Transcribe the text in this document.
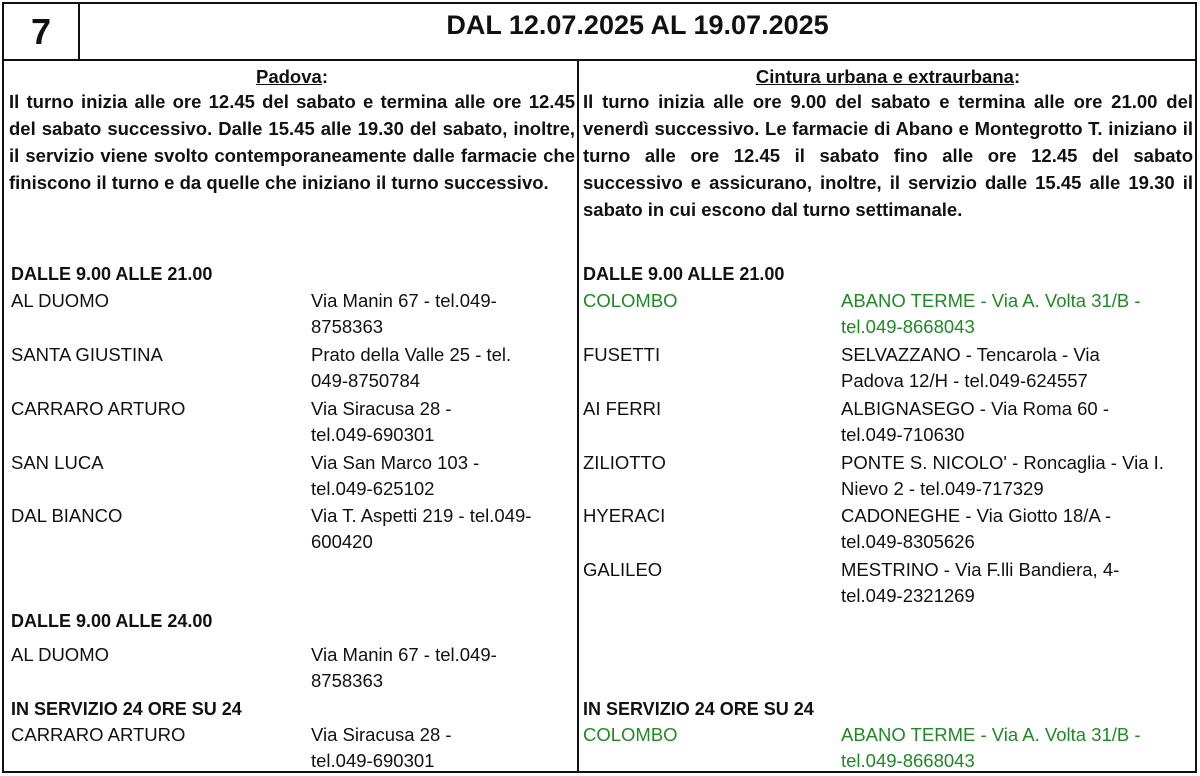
7	DAL 12.07.2025 AL 19.07.2025
Padova:

Il turno inizia alle ore 12.45 del sabato e termina alle ore 12.45 del sabato successivo. Dalle 15.45 alle 19.30 del sabato, inoltre, il servizio viene svolto contemporaneamente dalle farmacie che finiscono il turno e da quelle che iniziano il turno successivo.

DALLE 9.00 ALLE 21.00
AL DUOMO	Via Manin 67 - tel.049-8758363
SANTA GIUSTINA	Prato della Valle 25 - tel. 049-8750784
CARRARO ARTURO	Via Siracusa 28 - tel.049-690301
SAN LUCA	Via San Marco 103 - tel.049-625102
DAL BIANCO	Via T. Aspetti 219 - tel.049-600420
DALLE 9.00 ALLE 24.00
AL DUOMO	Via Manin 67 - tel.049-8758363
IN SERVIZIO 24 ORE SU 24
CARRARO ARTURO	Via Siracusa 28 - tel.049-690301
Cintura urbana e extraurbana:

Il turno inizia alle ore 9.00 del sabato e termina alle ore 21.00 del venerdì successivo. Le farmacie di Abano e Montegrotto T. iniziano il turno alle ore 12.45 il sabato fino alle ore 12.45 del sabato successivo e assicurano, inoltre, il servizio dalle 15.45 alle 19.30 il sabato in cui escono dal turno settimanale.

DALLE 9.00 ALLE 21.00
COLOMBO	ABANO TERME - Via A. Volta 31/B - tel.049-8668043
FUSETTI	SELVAZZANO - Tencarola - Via Padova 12/H - tel.049-624557
AI FERRI	ALBIGNASEGO - Via Roma 60 - tel.049-710630
ZILIOTTO	PONTE S. NICOLO' - Roncaglia - Via I. Nievo 2 - tel.049-717329
HYERACI	CADONEGHE - Via Giotto 18/A - tel.049-8305626
GALILEO	MESTRINO - Via F.lli Bandiera, 4-tel.049-2321269
IN SERVIZIO 24 ORE SU 24
COLOMBO	ABANO TERME - Via A. Volta 31/B - tel.049-8668043
